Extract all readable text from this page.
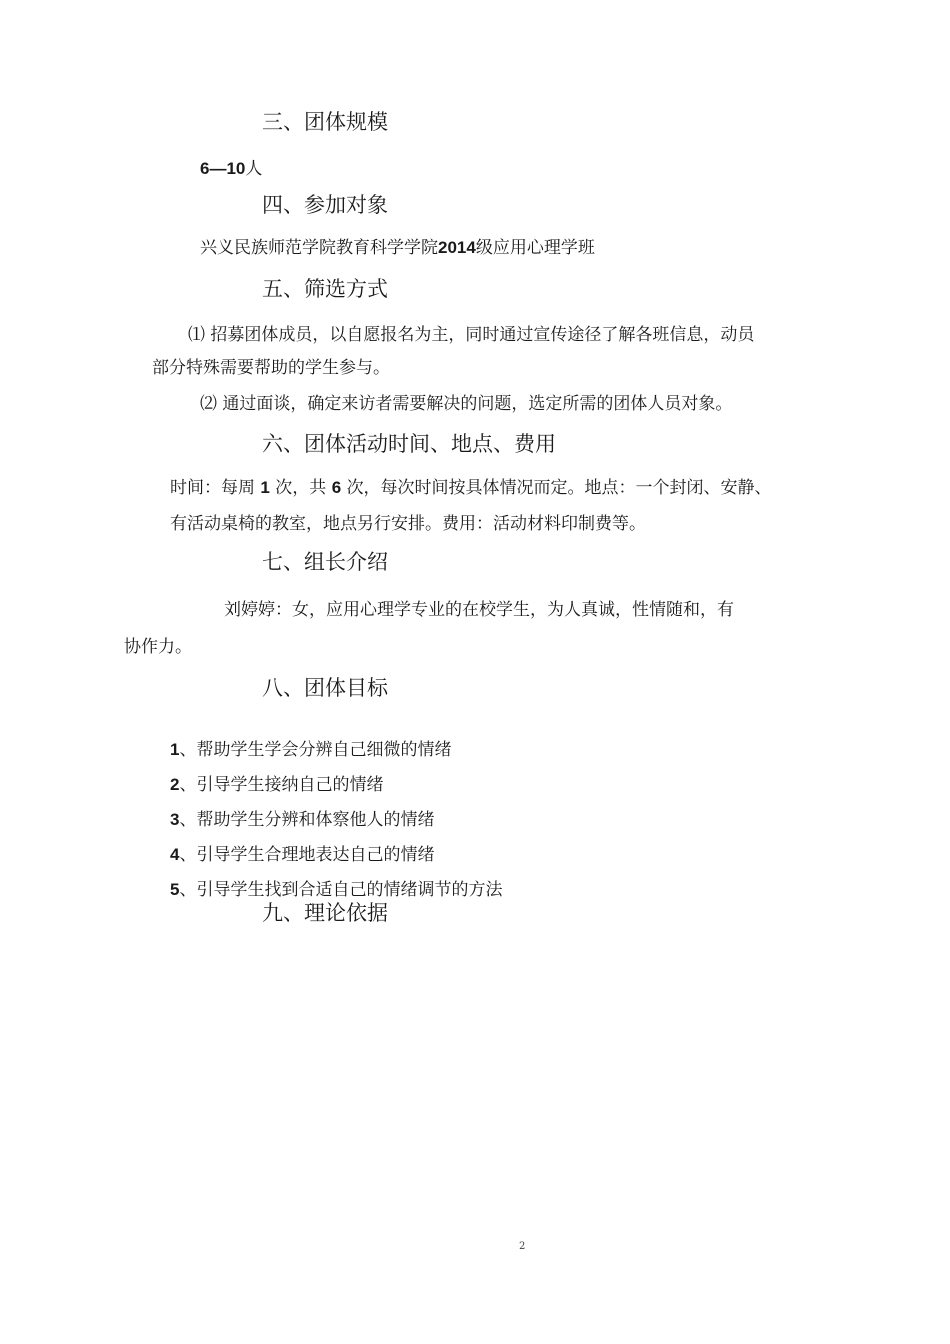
三、团体规模

6—10人

四、参加对象

兴义民族师范学院教育科学学院2014级应用心理学班

五、筛选方式

⑴ 招募团体成员，以自愿报名为主，同时通过宣传途径了解各班信息，动员

部分特殊需要帮助的学生参与。

⑵ 通过面谈，确定来访者需要解决的问题，选定所需的团体人员对象。

六、团体活动时间、地点、费用

时间：每周 1 次，共 6 次，每次时间按具体情况而定。地点：一个封闭、安静、

有活动桌椅的教室，地点另行安排。费用：活动材料印制费等。

七、组长介绍

刘婷婷：女，应用心理学专业的在校学生，为人真诚，性情随和，有

协作力。

八、团体目标

1、帮助学生学会分辨自己细微的情绪

2、引导学生接纳自己的情绪

3、帮助学生分辨和体察他人的情绪

4、引导学生合理地表达自己的情绪

5、引导学生找到合适自己的情绪调节的方法

九、理论依据

2
